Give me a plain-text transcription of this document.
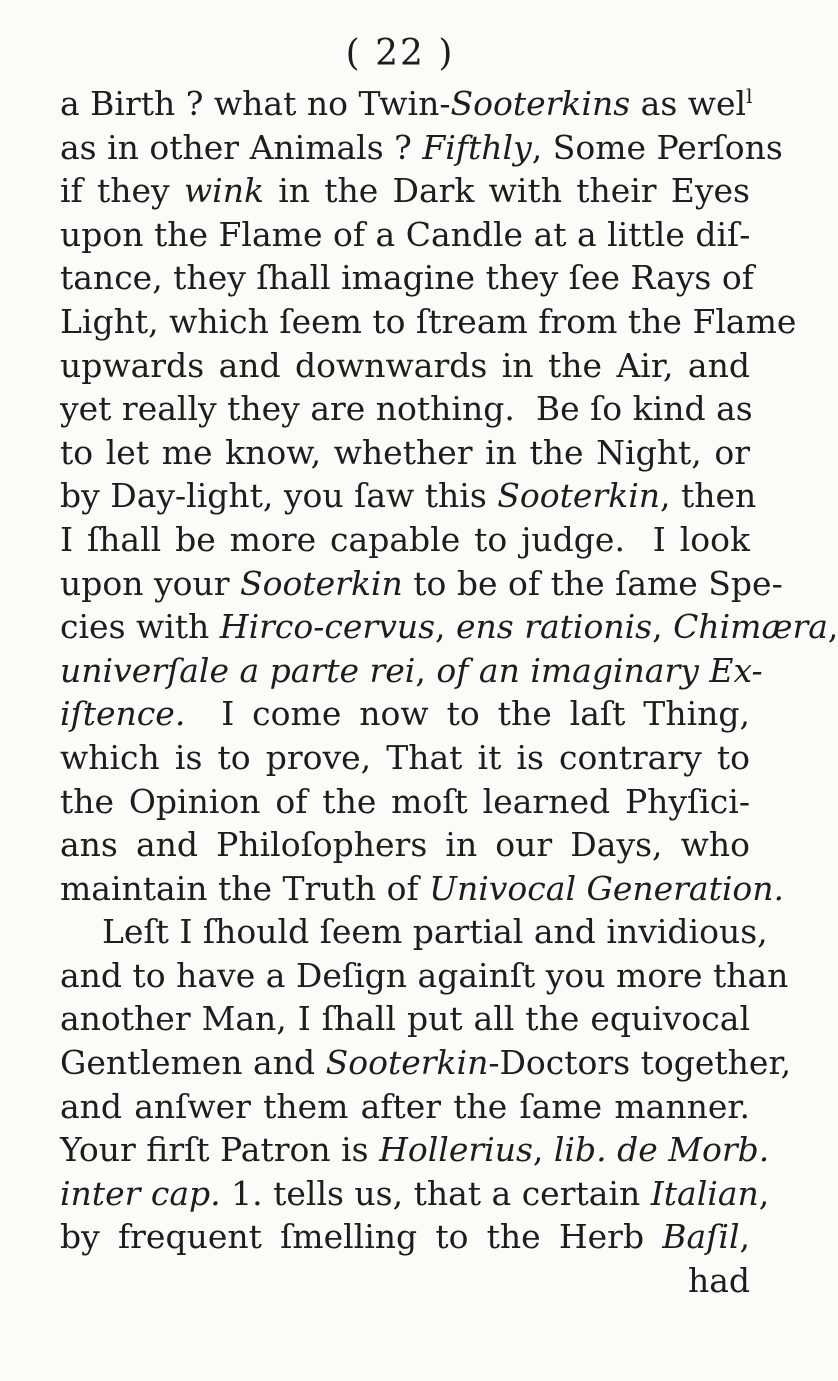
( 22 )
a Birth ? what no Twin-Sooterkins as wel$^l$
as in other Animals ? Fifthly, Some Perſons
if they wink in the Dark with their Eyes
upon the Flame of a Candle at a little diſ-
tance, they ſhall imagine they ſee Rays of
Light, which ſeem to ſtream from the Flame
upwards and downwards in the Air, and
yet really they are nothing.  Be ſo kind as
to let me know, whether in the Night, or
by Day-light, you ſaw this Sooterkin, then
I ſhall be more capable to judge.  I look
upon your Sooterkin to be of the ſame Spe-
cies with Hirco-cervus, ens rationis, Chimæra,
univerſale a parte rei, of an imaginary Ex-
iſtence.  I come now to the laſt Thing,
which is to prove, That it is contrary to
the Opinion of the moſt learned Phyſici-
ans and Philoſophers in our Days, who
maintain the Truth of Univocal Generation.
Leſt I ſhould ſeem partial and invidious,
and to have a Deſign againſt you more than
another Man, I ſhall put all the equivocal
Gentlemen and Sooterkin-Doctors together,
and anſwer them after the ſame manner.
Your firſt Patron is Hollerius, lib. de Morb.
inter cap. 1. tells us, that a certain Italian,
by frequent ſmelling to the Herb Baſil,
had
